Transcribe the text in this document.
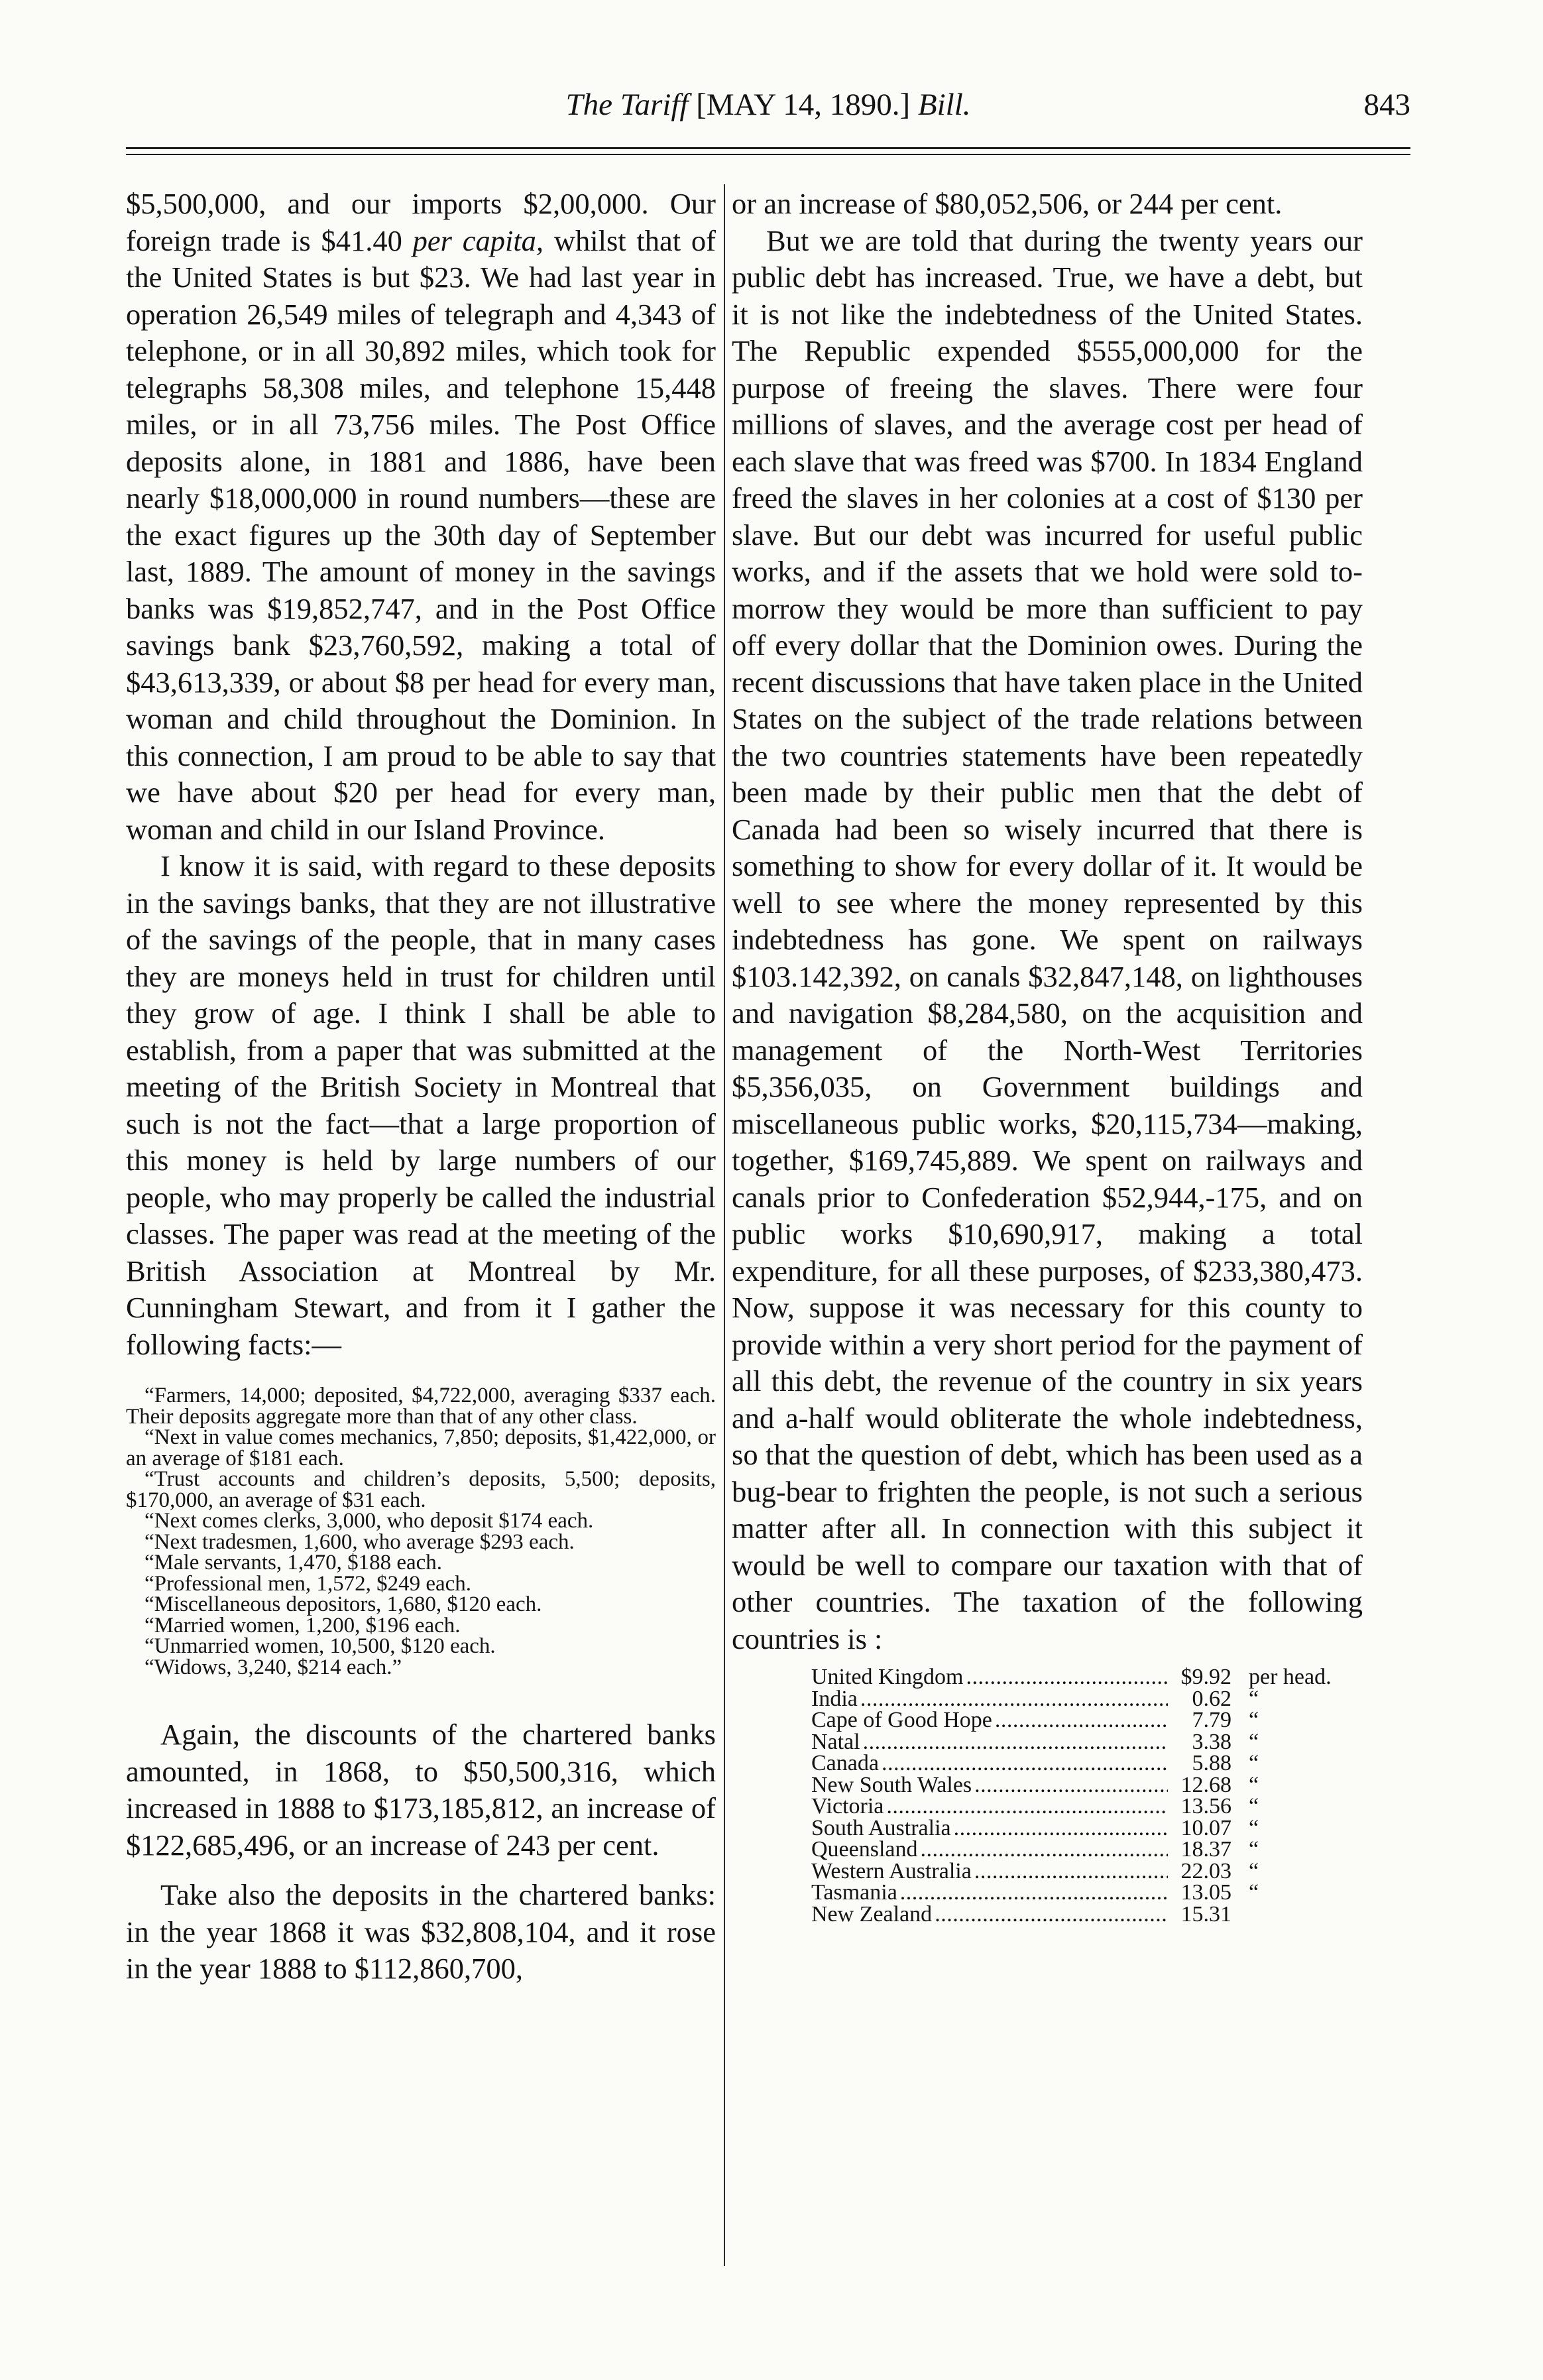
The Tariff [MAY 14, 1890.] Bill.	843

$5,500,000, and our imports $2,00,000. Our foreign trade is $41.40 per capita, whilst that of the United States is but $23. We had last year in operation 26,549 miles of telegraph and 4,343 of telephone, or in all 30,892 miles, which took for telegraphs 58,308 miles, and telephone 15,448 miles, or in all 73,756 miles. The Post Office deposits alone, in 1881 and 1886, have been nearly $18,000,000 in round numbers—these are the exact figures up the 30th day of September last, 1889. The amount of money in the savings banks was $19,852,747, and in the Post Office savings bank $23,760,592, making a total of $43,613,339, or about $8 per head for every man, woman and child throughout the Dominion. In this connection, I am proud to be able to say that we have about $20 per head for every man, woman and child in our Island Province.

I know it is said, with regard to these deposits in the savings banks, that they are not illustrative of the savings of the people, that in many cases they are moneys held in trust for children until they grow of age. I think I shall be able to establish, from a paper that was submitted at the meeting of the British Society in Montreal that such is not the fact—that a large proportion of this money is held by large numbers of our people, who may properly be called the industrial classes. The paper was read at the meeting of the British Association at Montreal by Mr. Cunningham Stewart, and from it I gather the following facts:—

“Farmers, 14,000; deposited, $4,722,000, averaging $337 each. Their deposits aggregate more than that of any other class.

“Next in value comes mechanics, 7,850; deposits, $1,422,000, or an average of $181 each.

“Trust accounts and children’s deposits, 5,500; deposits, $170,000, an average of $31 each.

“Next comes clerks, 3,000, who deposit $174 each.

“Next tradesmen, 1,600, who average $293 each.

“Male servants, 1,470, $188 each.

“Professional men, 1,572, $249 each.

“Miscellaneous depositors, 1,680, $120 each.

“Married women, 1,200, $196 each.

“Unmarried women, 10,500, $120 each.

“Widows, 3,240, $214 each.”

Again, the discounts of the chartered banks amounted, in 1868, to $50,500,316, which increased in 1888 to $173,185,812, an increase of $122,685,496, or an increase of 243 per cent.

Take also the deposits in the chartered banks: in the year 1868 it was $32,808,104, and it rose in the year 1888 to $112,860,700,

or an increase of $80,052,506, or 244 per cent.

But we are told that during the twenty years our public debt has increased. True, we have a debt, but it is not like the indebtedness of the United States. The Republic expended $555,000,000 for the purpose of freeing the slaves. There were four millions of slaves, and the average cost per head of each slave that was freed was $700. In 1834 England freed the slaves in her colonies at a cost of $130 per slave. But our debt was incurred for useful public works, and if the assets that we hold were sold to-morrow they would be more than sufficient to pay off every dollar that the Dominion owes. During the recent discussions that have taken place in the United States on the subject of the trade relations between the two countries statements have been repeatedly been made by their public men that the debt of Canada had been so wisely incurred that there is something to show for every dollar of it. It would be well to see where the money represented by this indebtedness has gone. We spent on railways $103.142,392, on canals $32,847,148, on lighthouses and navigation $8,284,580, on the acquisition and management of the North-West Territories $5,356,035, on Government buildings and miscellaneous public works, $20,115,734—making, together, $169,745,889. We spent on railways and canals prior to Confederation $52,944,-175, and on public works $10,690,917, making a total expenditure, for all these purposes, of $233,380,473. Now, suppose it was necessary for this county to provide within a very short period for the payment of all this debt, the revenue of the country in six years and a-half would obliterate the whole indebtedness, so that the question of debt, which has been used as a bug-bear to frighten the people, is not such a serious matter after all. In connection with this subject it would be well to compare our taxation with that of other countries. The taxation of the following countries is :

United Kingdom . . .	$9.92 per head.
India . . .	0.62 “
Cape of Good Hope . . .	7.79 “
Natal . . .	3.38 “
Canada . . .	5.88 “
New South Wales . . .	12.68 “
Victoria . . .	13.56 “
South Australia . . .	10.07 “
Queensland . . .	18.37 “
Western Australia . . .	22.03 “
Tasmania . . .	13.05 “
New Zealand . . .	15.31
